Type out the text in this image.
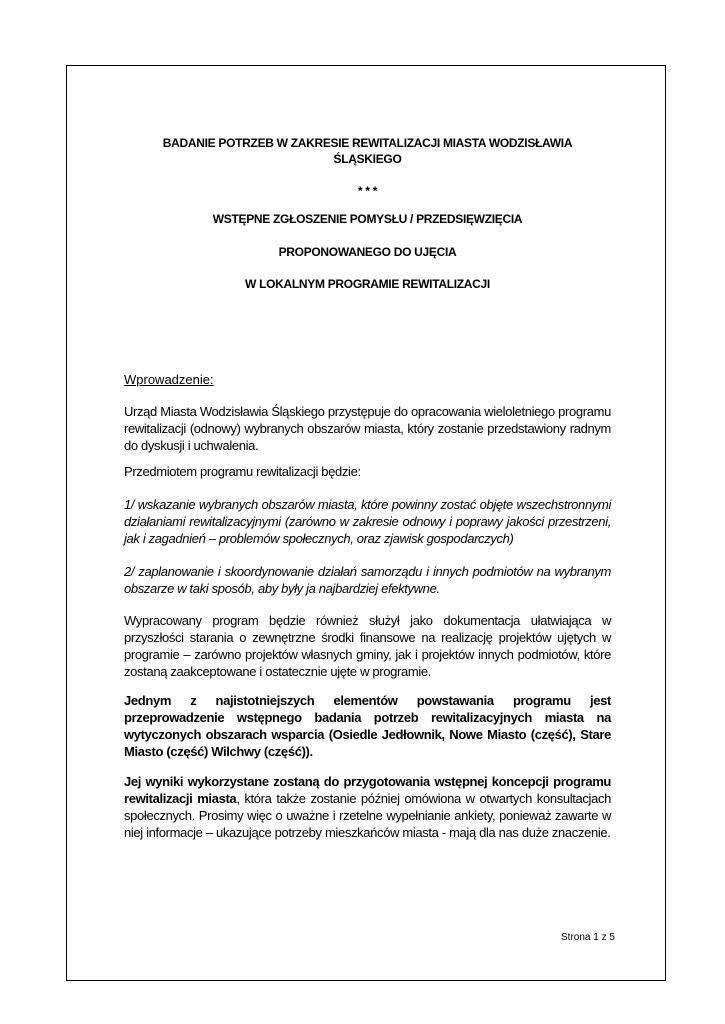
BADANIE POTRZEB W ZAKRESIE REWITALIZACJI MIASTA WODZISŁAWIA
ŚLĄSKIEGO

* * *

WSTĘPNE ZGŁOSZENIE POMYSŁU / PRZEDSIĘWZIĘCIA

PROPONOWANEGO DO UJĘCIA

W LOKALNYM PROGRAMIE REWITALIZACJI

Wprowadzenie:

Urząd Miasta Wodzisławia Śląskiego przystępuje do opracowania wieloletniego programu rewitalizacji (odnowy) wybranych obszarów miasta, który zostanie przedstawiony radnym do dyskusji i uchwalenia.

Przedmiotem programu rewitalizacji będzie:

1/ wskazanie wybranych obszarów miasta, które powinny zostać objęte wszechstronnymi działaniami rewitalizacyjnymi (zarówno w zakresie odnowy i poprawy jakości przestrzeni, jak i zagadnień – problemów społecznych, oraz zjawisk gospodarczych)

2/ zaplanowanie i skoordynowanie działań samorządu i innych podmiotów na wybranym obszarze w taki sposób, aby były ja najbardziej efektywne.

Wypracowany program będzie również służył jako dokumentacja ułatwiająca w przyszłości starania o zewnętrzne środki finansowe na realizację projektów ujętych w programie – zarówno projektów własnych gminy, jak i projektów innych podmiotów, które zostaną zaakceptowane i ostatecznie ujęte w programie.

Jednym z najistotniejszych elementów powstawania programu jest przeprowadzenie wstępnego badania potrzeb rewitalizacyjnych miasta na wytyczonych obszarach wsparcia (Osiedle Jedłownik, Nowe Miasto (część), Stare Miasto (część) Wilchwy (część)).

Jej wyniki wykorzystane zostaną do przygotowania wstępnej koncepcji programu rewitalizacji miasta, która także zostanie później omówiona w otwartych konsultacjach społecznych. Prosimy więc o uważne i rzetelne wypełnianie ankiety, ponieważ zawarte w niej informacje – ukazujące potrzeby mieszkańców miasta - mają dla nas duże znaczenie.

Strona 1 z 5
